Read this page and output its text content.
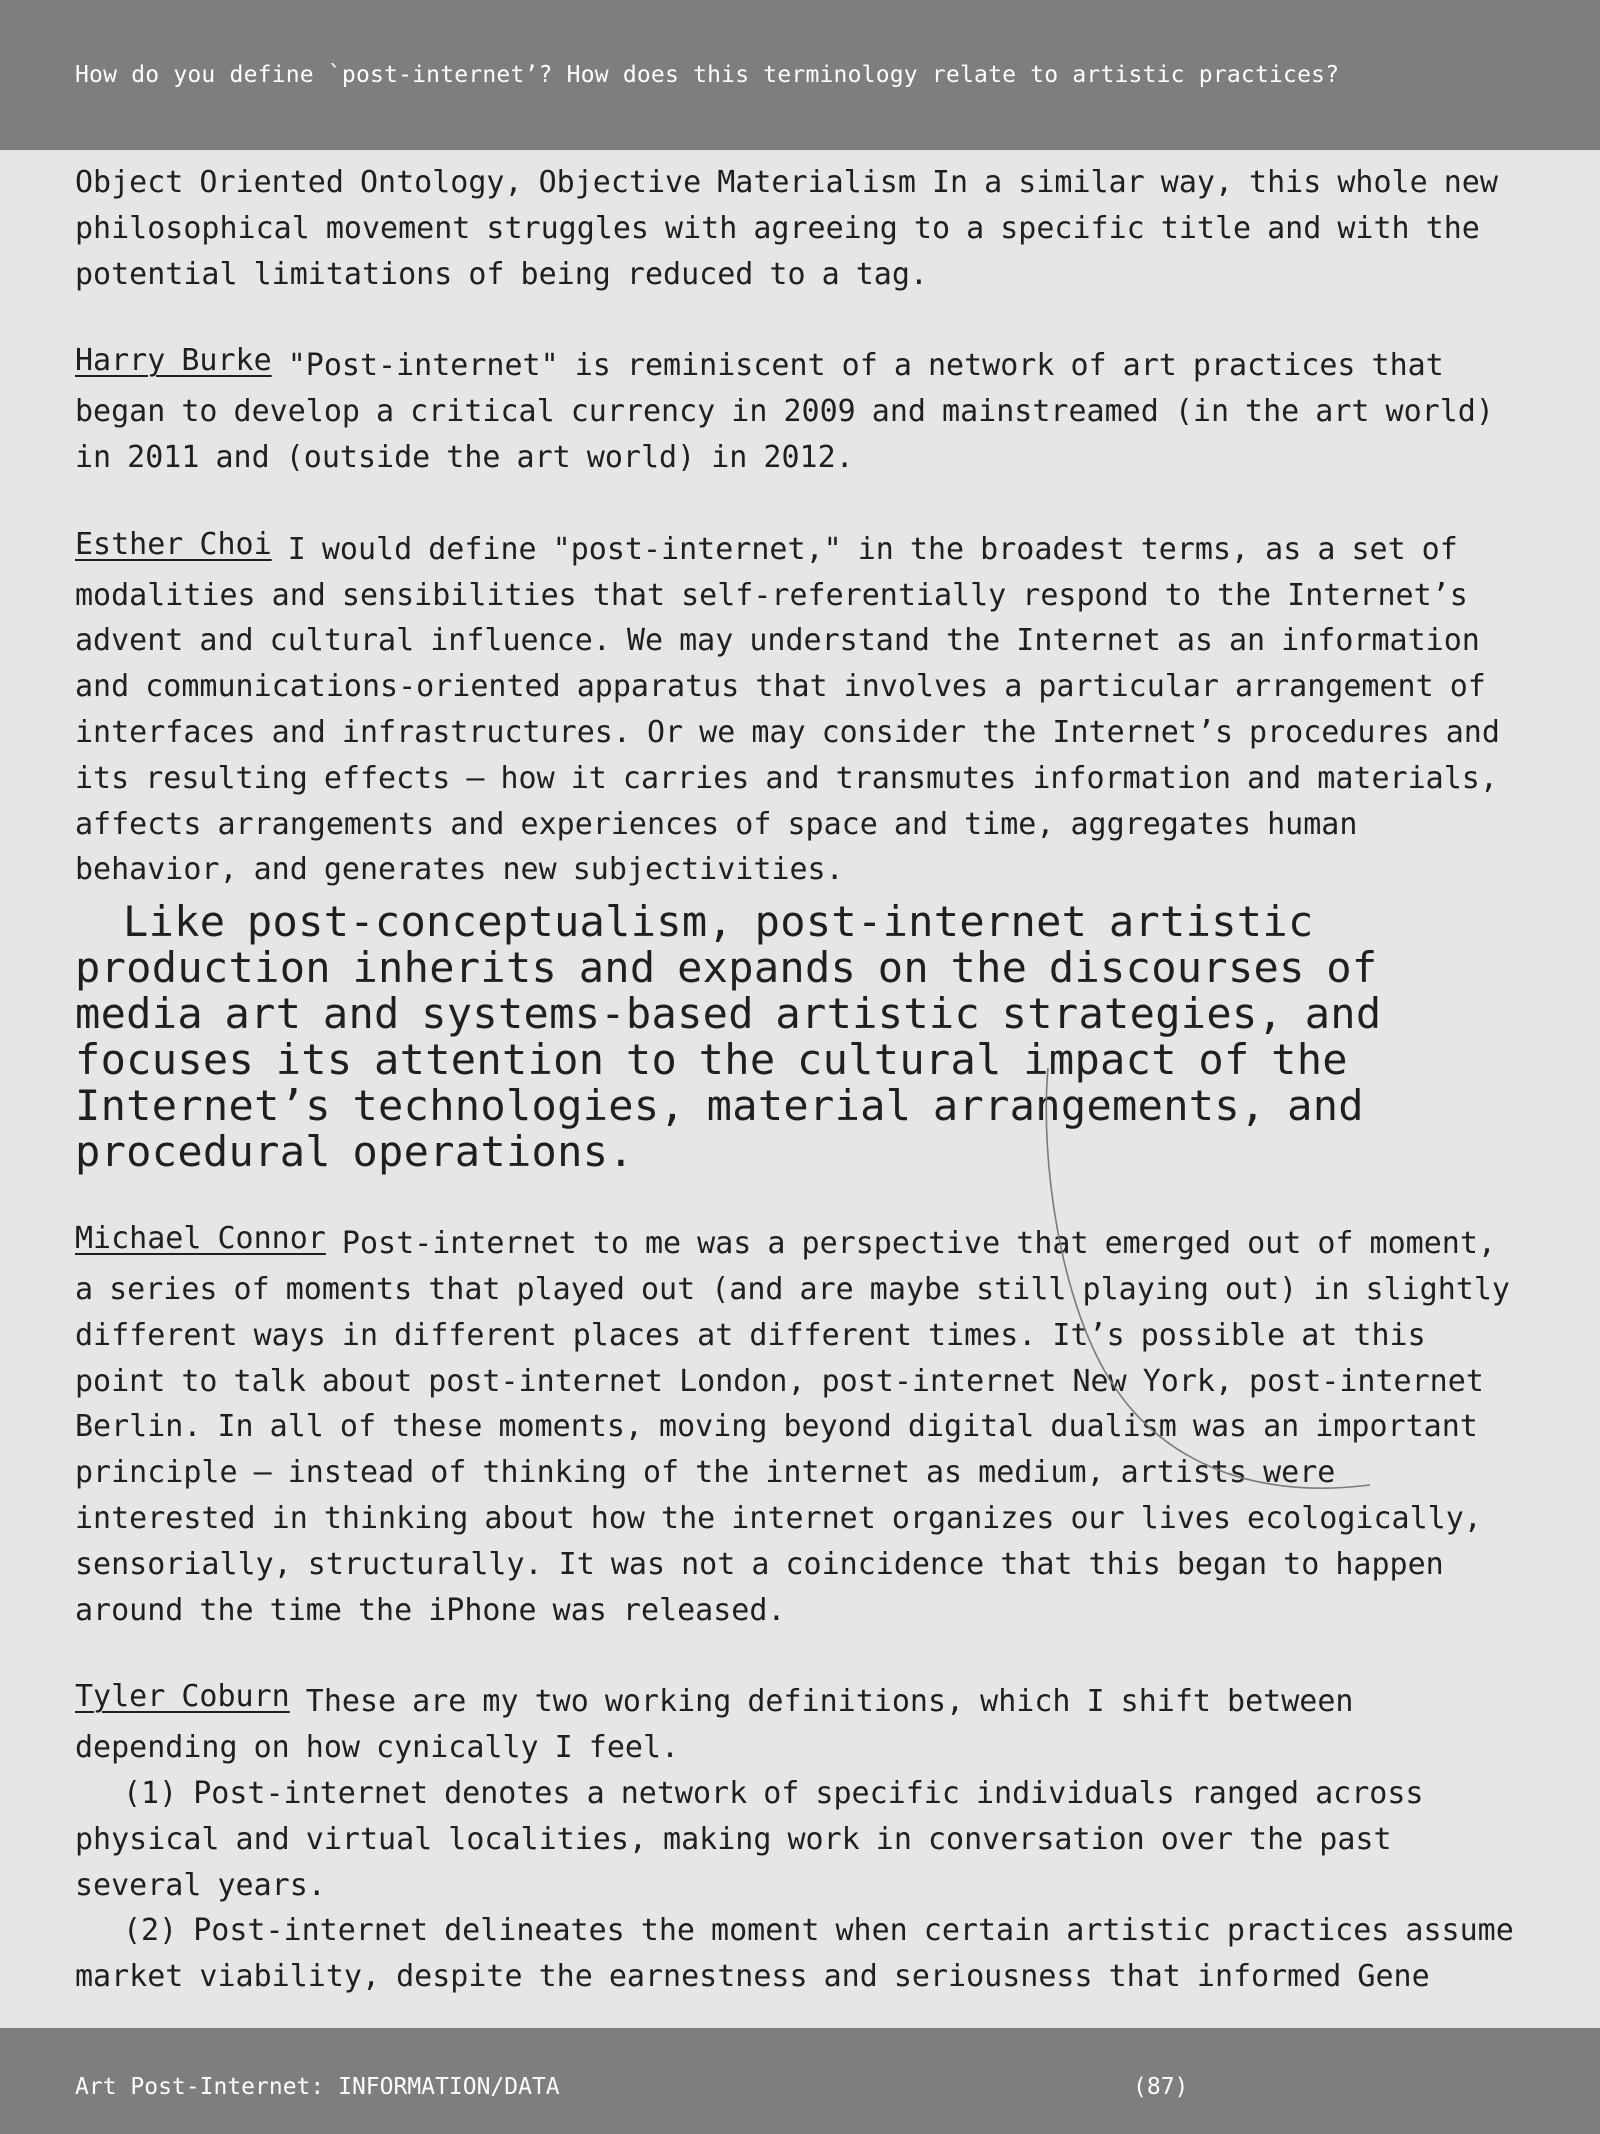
How do you define `post-internet’? How does this terminology relate to artistic practices?

Object Oriented Ontology, Objective Materialism In a similar way, this whole new philosophical movement struggles with agreeing to a specific title and with the potential limitations of being reduced to a tag.

Harry Burke "Post-internet" is reminiscent of a network of art practices that began to develop a critical currency in 2009 and mainstreamed (in the art world) in 2011 and (outside the art world) in 2012.

Esther Choi I would define "post-internet," in the broadest terms, as a set of modalities and sensibilities that self-referentially respond to the Internet’s advent and cultural influence. We may understand the Internet as an information and communications-oriented apparatus that involves a particular arrangement of interfaces and infrastructures. Or we may consider the Internet’s procedures and its resulting effects – how it carries and transmutes information and materials, affects arrangements and experiences of space and time, aggregates human behavior, and generates new subjectivities.

Like post-conceptualism, post-internet artistic production inherits and expands on the discourses of media art and systems-based artistic strategies, and focuses its attention to the cultural impact of the Internet’s technologies, material arrangements, and procedural operations.

Michael Connor Post-internet to me was a perspective that emerged out of moment, a series of moments that played out (and are maybe still playing out) in slightly different ways in different places at different times. It’s possible at this point to talk about post-internet London, post-internet New York, post-internet Berlin. In all of these moments, moving beyond digital dualism was an important principle – instead of thinking of the internet as medium, artists were interested in thinking about how the internet organizes our lives ecologically, sensorially, structurally. It was not a coincidence that this began to happen around the time the iPhone was released.

Tyler Coburn These are my two working definitions, which I shift between depending on how cynically I feel.

(1) Post-internet denotes a network of specific individuals ranged across physical and virtual localities, making work in conversation over the past several years.

(2) Post-internet delineates the moment when certain artistic practices assume market viability, despite the earnestness and seriousness that informed Gene

Art Post-Internet: INFORMATION/DATA	(87)
